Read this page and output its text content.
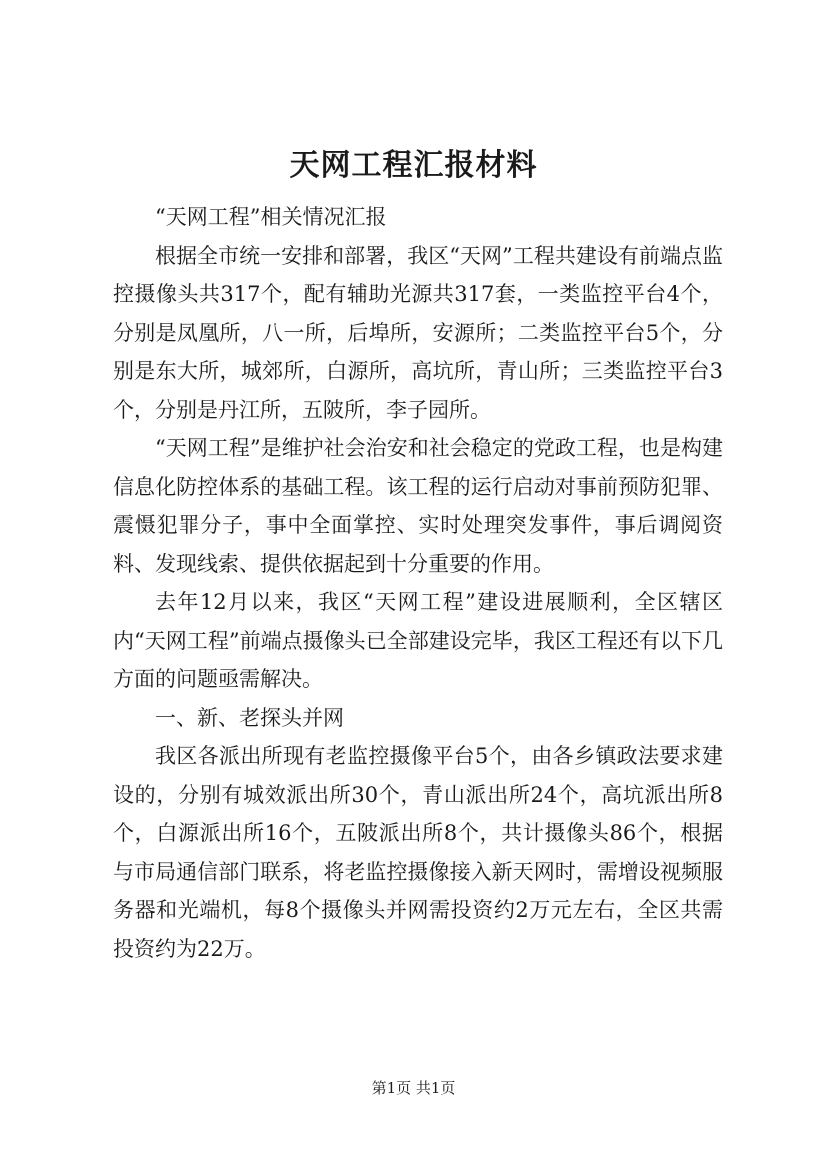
天网工程汇报材料

“天网工程”相关情况汇报

根据全市统一安排和部署，我区“天网”工程共建设有前端点监控摄像头共317个，配有辅助光源共317套，一类监控平台4个，分别是凤凰所，八一所，后埠所，安源所；二类监控平台5个，分别是东大所，城郊所，白源所，高坑所，青山所；三类监控平台3个，分别是丹江所，五陂所，李子园所。

“天网工程”是维护社会治安和社会稳定的党政工程，也是构建信息化防控体系的基础工程。该工程的运行启动对事前预防犯罪、震慑犯罪分子，事中全面掌控、实时处理突发事件，事后调阅资料、发现线索、提供依据起到十分重要的作用。

去年12月以来，我区“天网工程”建设进展顺利，全区辖区内“天网工程”前端点摄像头已全部建设完毕，我区工程还有以下几方面的问题亟需解决。

一、新、老探头并网

我区各派出所现有老监控摄像平台5个，由各乡镇政法要求建设的，分别有城效派出所30个，青山派出所24个，高坑派出所8个，白源派出所16个，五陂派出所8个，共计摄像头86个，根据与市局通信部门联系，将老监控摄像接入新天网时，需增设视频服务器和光端机，每8个摄像头并网需投资约2万元左右，全区共需投资约为22万。

第1页 共1页
